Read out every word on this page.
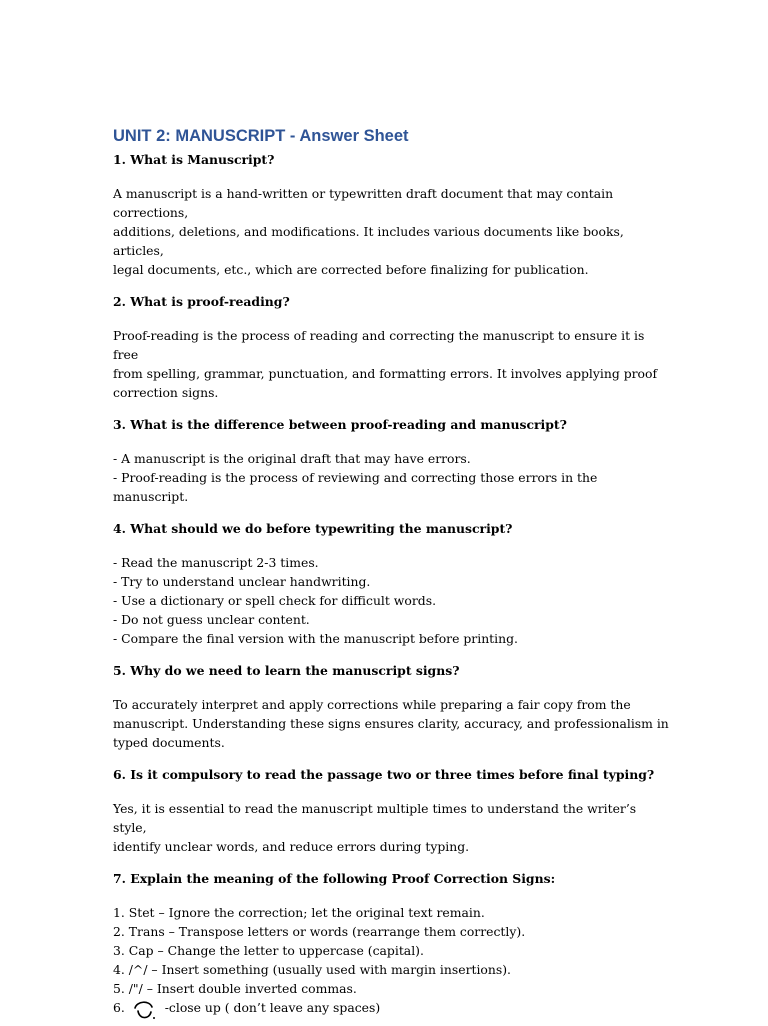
UNIT 2: MANUSCRIPT - Answer Sheet

1. What is Manuscript?

A manuscript is a hand-written or typewritten draft document that may contain corrections,
additions, deletions, and modifications. It includes various documents like books, articles,
legal documents, etc., which are corrected before finalizing for publication.

2. What is proof-reading?

Proof-reading is the process of reading and correcting the manuscript to ensure it is free
from spelling, grammar, punctuation, and formatting errors. It involves applying proof
correction signs.

3. What is the difference between proof-reading and manuscript?

- A manuscript is the original draft that may have errors.
- Proof-reading is the process of reviewing and correcting those errors in the manuscript.

4. What should we do before typewriting the manuscript?

- Read the manuscript 2-3 times.
- Try to understand unclear handwriting.
- Use a dictionary or spell check for difficult words.
- Do not guess unclear content.
- Compare the final version with the manuscript before printing.

5. Why do we need to learn the manuscript signs?

To accurately interpret and apply corrections while preparing a fair copy from the
manuscript. Understanding these signs ensures clarity, accuracy, and professionalism in
typed documents.

6. Is it compulsory to read the passage two or three times before final typing?

Yes, it is essential to read the manuscript multiple times to understand the writer’s style,
identify unclear words, and reduce errors during typing.

7. Explain the meaning of the following Proof Correction Signs:

1. Stet – Ignore the correction; let the original text remain.
2. Trans – Transpose letters or words (rearrange them correctly).
3. Cap – Change the letter to uppercase (capital).
4. /^/ – Insert something (usually used with margin insertions).
5. /"/ – Insert double inverted commas.
6.	-close up ( don’t leave any spaces)
